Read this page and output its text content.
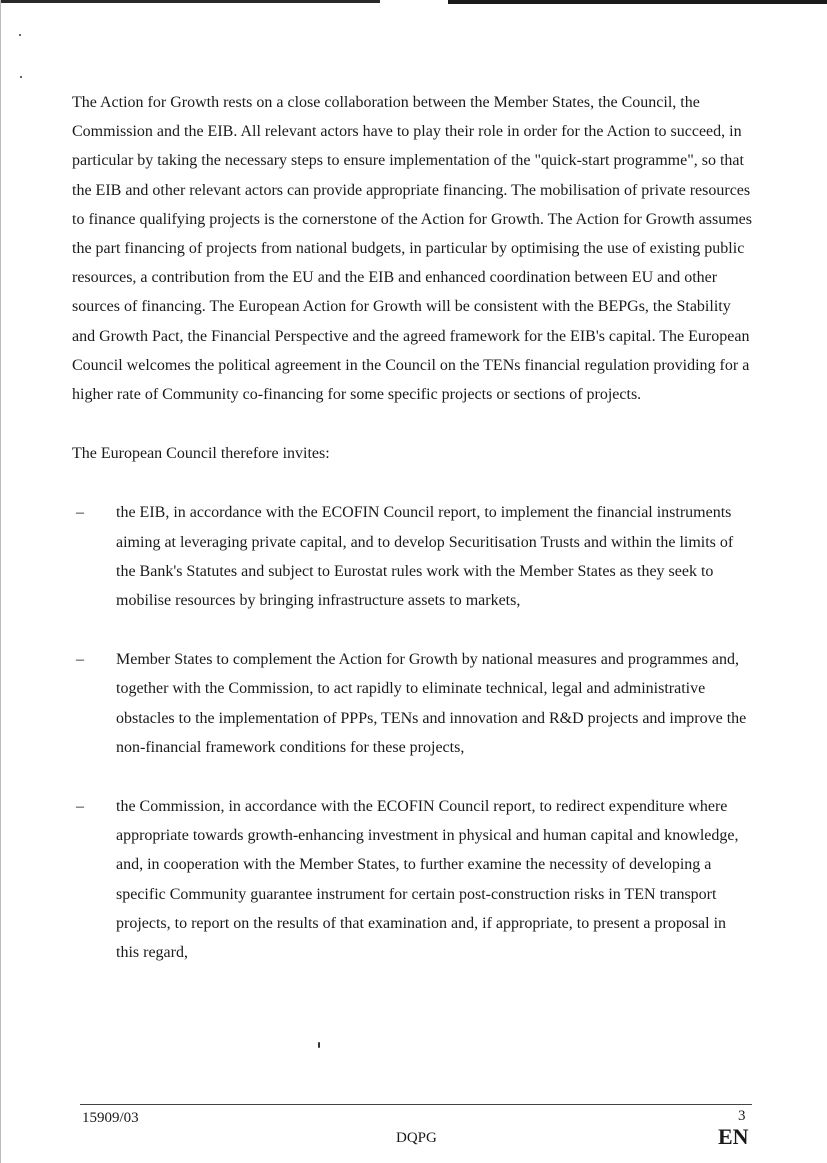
The Action for Growth rests on a close collaboration between the Member States, the Council, the Commission and the EIB. All relevant actors have to play their role in order for the Action to succeed, in particular by taking the necessary steps to ensure implementation of the "quick-start programme", so that the EIB and other relevant actors can provide appropriate financing. The mobilisation of private resources to finance qualifying projects is the cornerstone of the Action for Growth. The Action for Growth assumes the part financing of projects from national budgets, in particular by optimising the use of existing public resources, a contribution from the EU and the EIB and enhanced coordination between EU and other sources of financing. The European Action for Growth will be consistent with the BEPGs, the Stability and Growth Pact, the Financial Perspective and the agreed framework for the EIB's capital. The European Council welcomes the political agreement in the Council on the TENs financial regulation providing for a higher rate of Community co-financing for some specific projects or sections of projects.

The European Council therefore invites:

– the EIB, in accordance with the ECOFIN Council report, to implement the financial instruments aiming at leveraging private capital, and to develop Securitisation Trusts and within the limits of the Bank's Statutes and subject to Eurostat rules work with the Member States as they seek to mobilise resources by bringing infrastructure assets to markets,
– Member States to complement the Action for Growth by national measures and programmes and, together with the Commission, to act rapidly to eliminate technical, legal and administrative obstacles to the implementation of PPPs, TENs and innovation and R&D projects and improve the non-financial framework conditions for these projects,
– the Commission, in accordance with the ECOFIN Council report, to redirect expenditure where appropriate towards growth-enhancing investment in physical and human capital and knowledge, and, in cooperation with the Member States, to further examine the necessity of developing a specific Community guarantee instrument for certain post-construction risks in TEN transport projects, to report on the results of that examination and, if appropriate, to present a proposal in this regard,
15909/03
DQPG
3
EN
